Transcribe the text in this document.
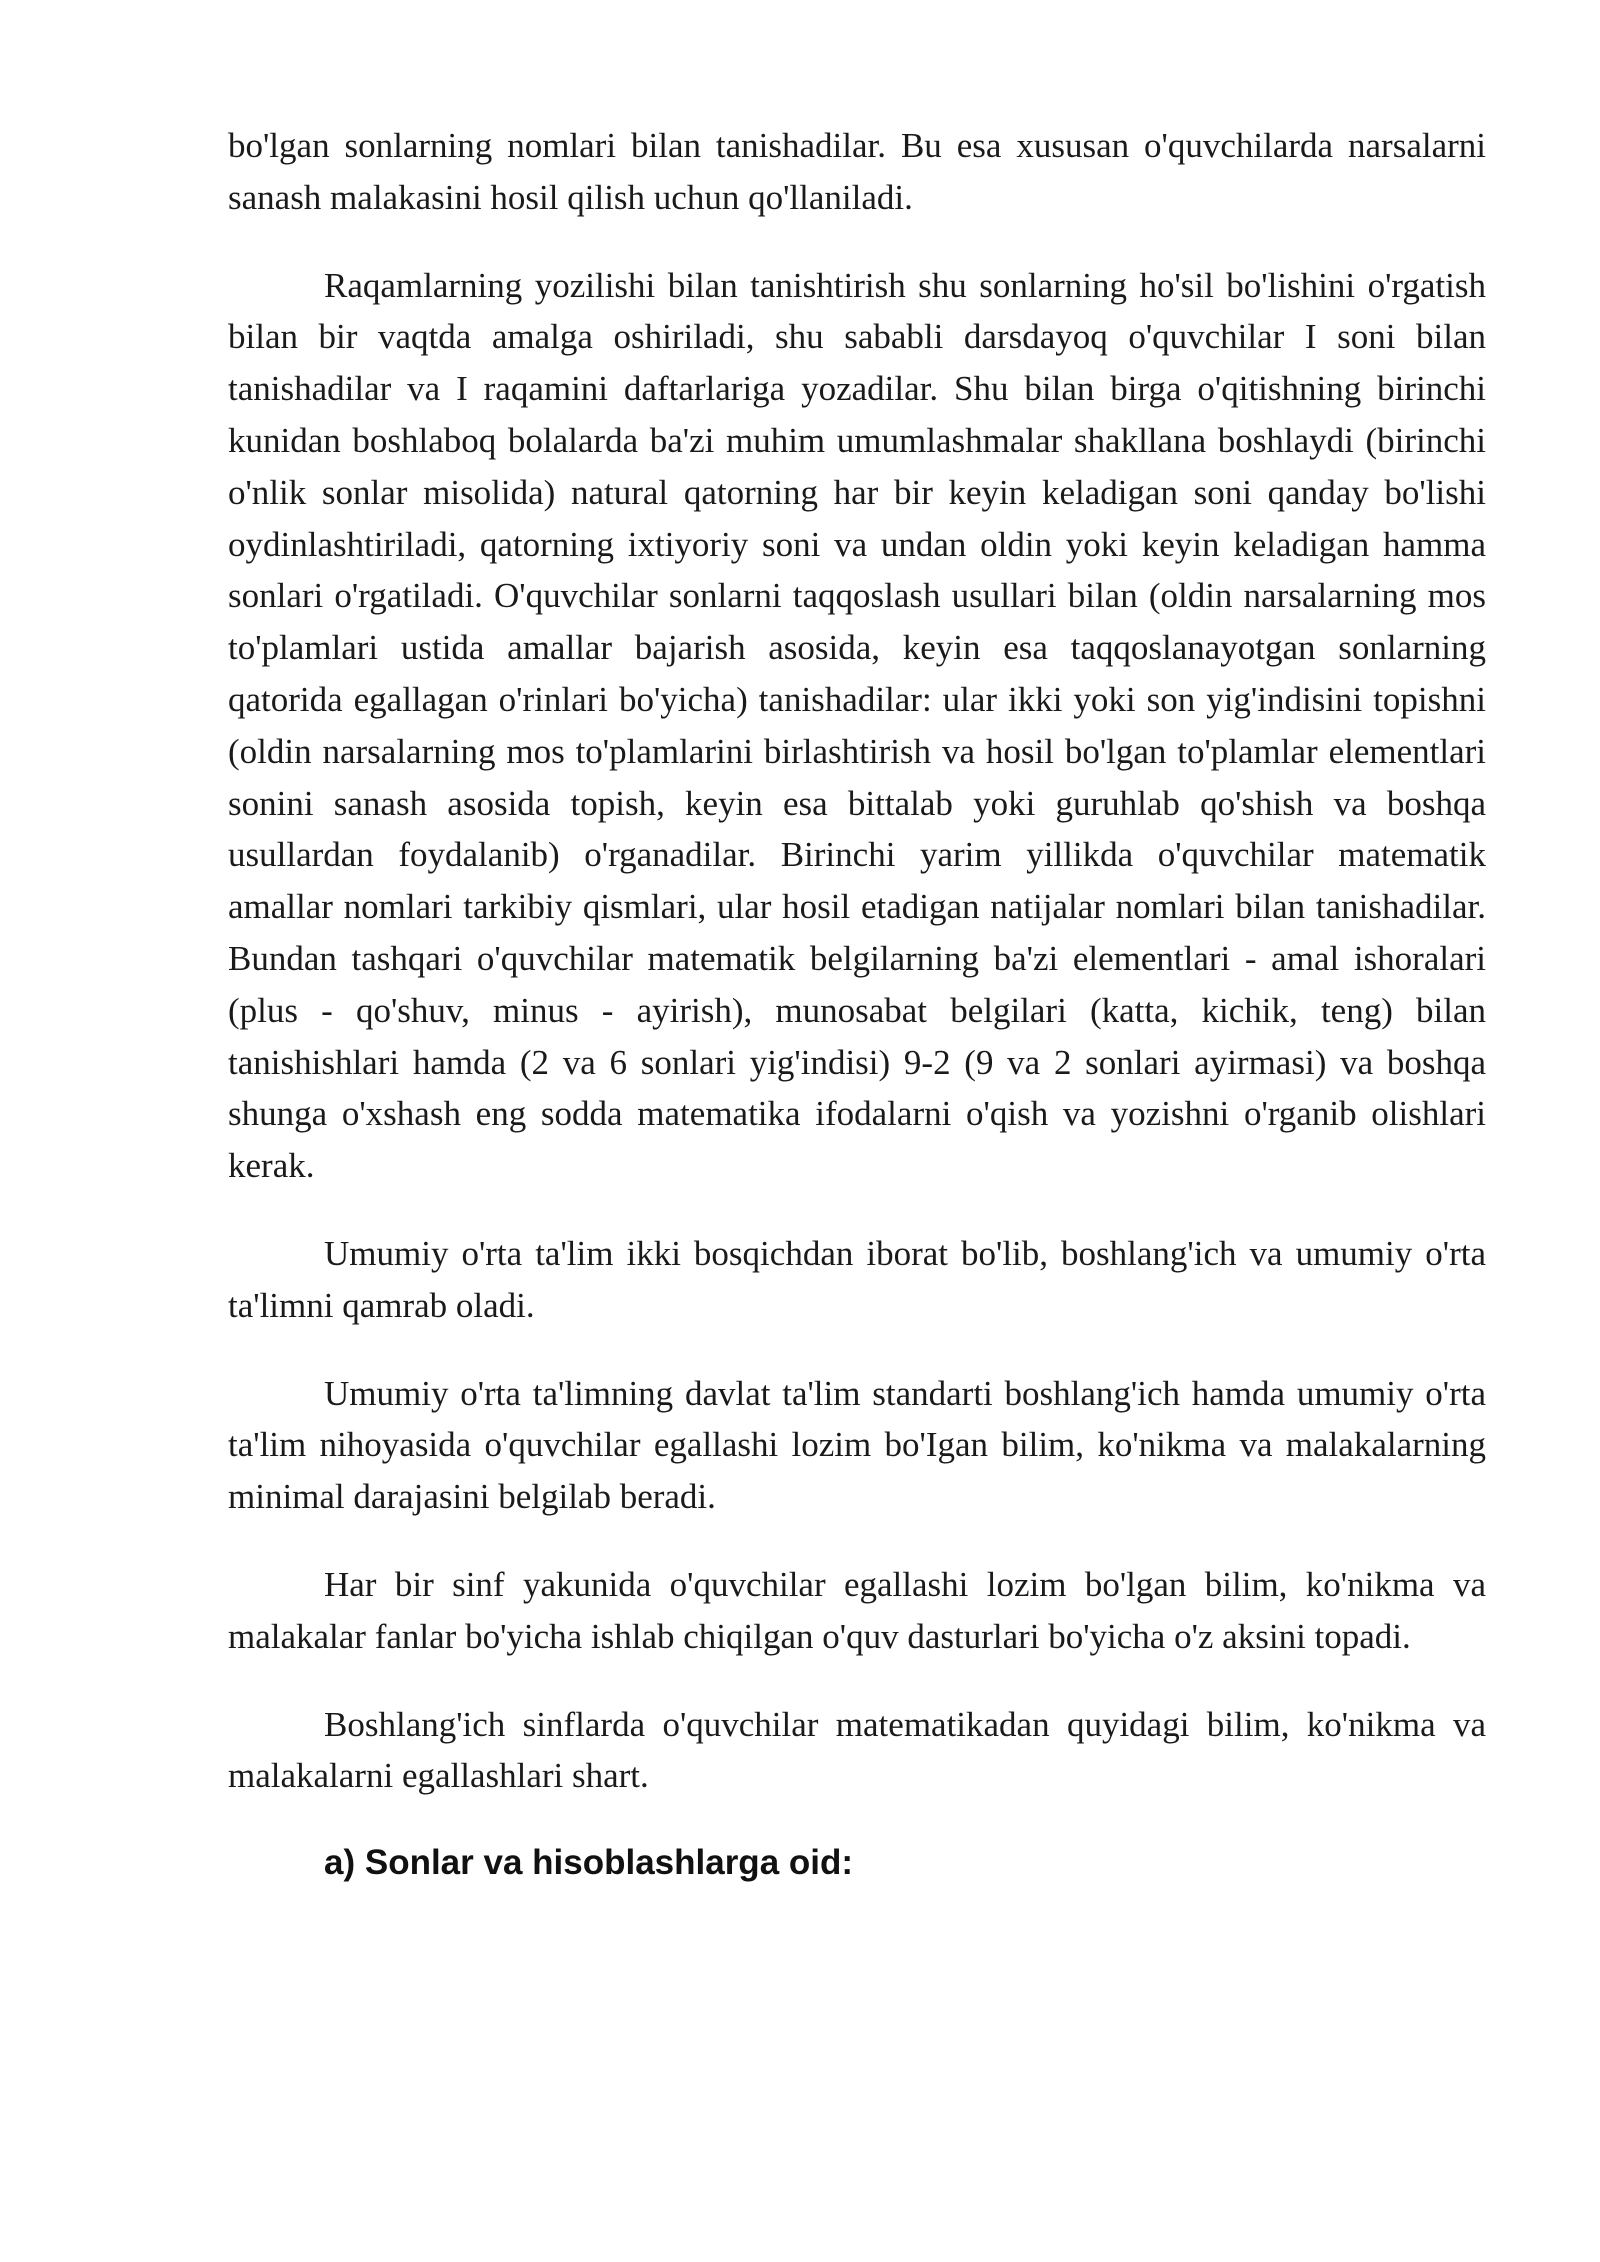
bo'lgan sonlarning nomlari bilan tanishadilar. Bu esa xususan o'quvchilarda narsalarni sanash malakasini hosil qilish uchun qo'llaniladi.

Raqamlarning yozilishi bilan tanishtirish shu sonlarning ho'sil bo'lishini o'rgatish bilan bir vaqtda amalga oshiriladi, shu sababli darsdayoq o'quvchilar I soni bilan tanishadilar va I raqamini daftarlariga yozadilar. Shu bilan birga o'qitishning birinchi kunidan boshlaboq bolalarda ba'zi muhim umumlashmalar shakllana boshlaydi (birinchi o'nlik sonlar misolida) natural qatorning har bir keyin keladigan soni qanday bo'lishi oydinlashtiriladi, qatorning ixtiyoriy soni va undan oldin yoki keyin keladigan hamma sonlari o'rgatiladi. O'quvchilar sonlarni taqqoslash usullari bilan (oldin narsalarning mos to'plamlari ustida amallar bajarish asosida, keyin esa taqqoslanayotgan sonlarning qatorida egallagan o'rinlari bo'yicha) tanishadilar: ular ikki yoki son yig'indisini topishni (oldin narsalarning mos to'plamlarini birlashtirish va hosil bo'lgan to'plamlar elementlari sonini sanash asosida topish, keyin esa bittalab yoki guruhlab qo'shish va boshqa usullardan foydalanib) o'rganadilar. Birinchi yarim yillikda o'quvchilar matematik amallar nomlari tarkibiy qismlari, ular hosil etadigan natijalar nomlari bilan tanishadilar. Bundan tashqari o'quvchilar matematik belgilarning ba'zi elementlari - amal ishoralari (plus - qo'shuv, minus - ayirish), munosabat belgilari (katta, kichik, teng) bilan tanishishlari hamda (2 va 6 sonlari yig'indisi) 9-2 (9 va 2 sonlari ayirmasi) va boshqa shunga o'xshash eng sodda matematika ifodalarni o'qish va yozishni o'rganib olishlari kerak.

Umumiy o'rta ta'lim ikki bosqichdan iborat bo'lib, boshlang'ich va umumiy o'rta ta'limni qamrab oladi.

Umumiy o'rta ta'limning davlat ta'lim standarti boshlang'ich hamda umumiy o'rta ta'lim nihoyasida o'quvchilar egallashi lozim bo'Igan bilim, ko'nikma va malakalarning minimal darajasini belgilab beradi.

Har bir sinf yakunida o'quvchilar egallashi lozim bo'lgan bilim, ko'nikma va malakalar fanlar bo'yicha ishlab chiqilgan o'quv dasturlari bo'yicha o'z aksini topadi.

Boshlang'ich sinflarda o'quvchilar matematikadan quyidagi bilim, ko'nikma va malakalarni egallashlari shart.

a) Sonlar va hisoblashlarga oid:
